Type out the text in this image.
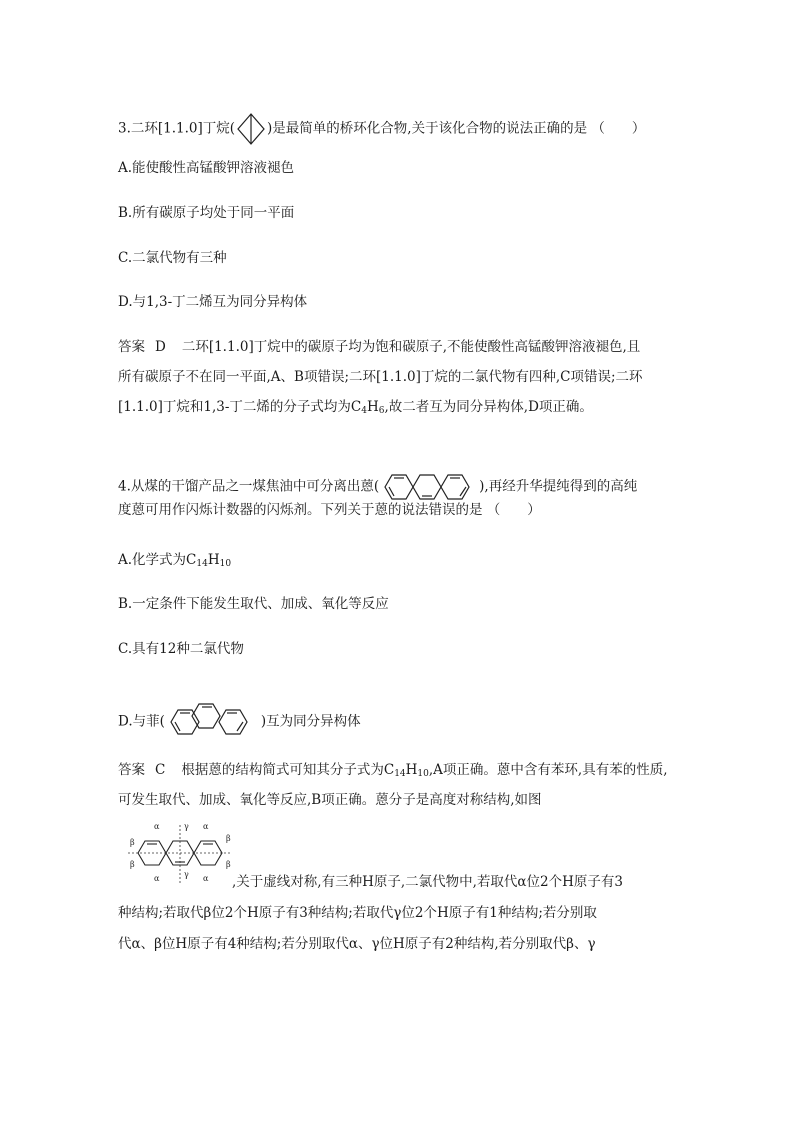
3.二环[1.1.0]丁烷( )是最简单的桥环化合物,关于该化合物的说法正确的是 （　　）
A.能使酸性高锰酸钾溶液褪色
B.所有碳原子均处于同一平面
C.二氯代物有三种
D.与1,3-丁二烯互为同分异构体
答案 D 二环[1.1.0]丁烷中的碳原子均为饱和碳原子,不能使酸性高锰酸钾溶液褪色,且
所有碳原子不在同一平面,A、B项错误;二环[1.1.0]丁烷的二氯代物有四种,C项错误;二环
[1.1.0]丁烷和1,3-丁二烯的分子式均为$C_4H_6$,故二者互为同分异构体,D项正确。
4.从煤的干馏产品之一煤焦油中可分离出蒽(	),再经升华提纯得到的高纯
度蒽可用作闪烁计数器的闪烁剂。下列关于蒽的说法错误的是 （　　）
A.化学式为$C_{14}H_{10}$
B.一定条件下能发生取代、加成、氧化等反应
C.具有12种二氯代物
D.与菲(	)互为同分异构体
答案 C 根据蒽的结构简式可知其分子式为$C_{14}H_{10},A$项正确。蒽中含有苯环,具有苯的性质,
可发生取代、加成、氧化等反应,B项正确。蒽分子是高度对称结构,如图
α	γ α
β	β
β	β
α	γ α ,关于虚线对称,有三种H原子,二氯代物中,若取代α位2个H原子有3
种结构;若取代β位2个H原子有3种结构;若取代γ位2个H原子有1种结构;若分别取
代α、β位H原子有4种结构;若分别取代α、γ位H原子有2种结构,若分别取代β、γ
